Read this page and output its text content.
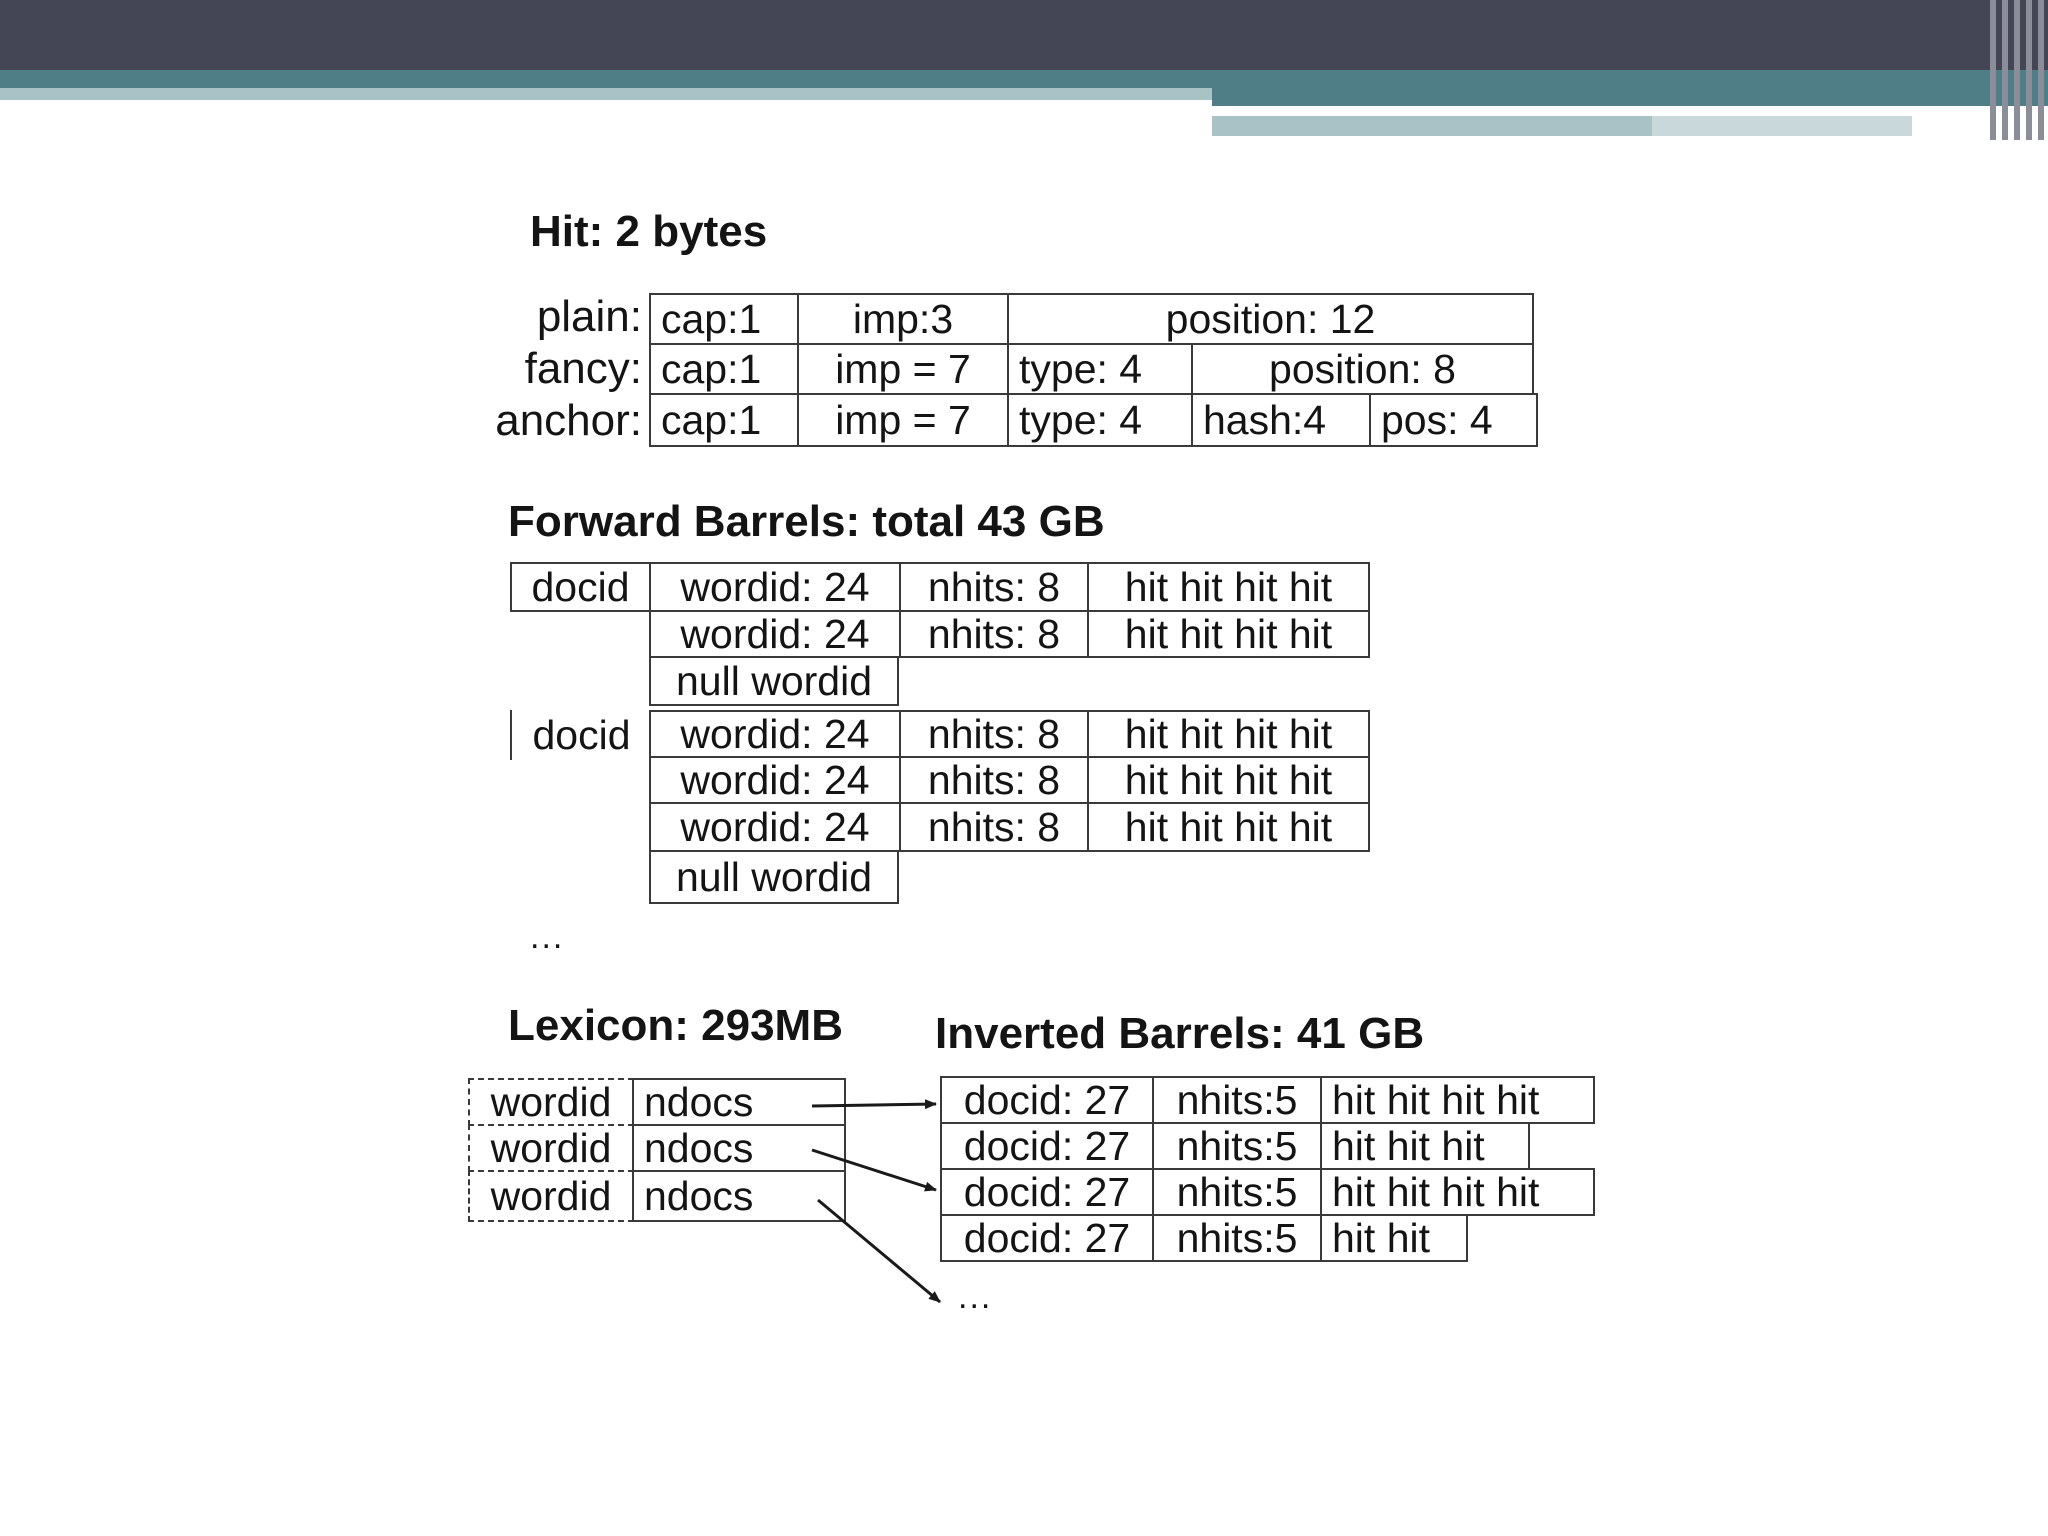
Hit: 2 bytes
plain: cap:1	imp:3	position: 12
fancy: cap:1	imp = 7	type: 4	position: 8
anchor: cap:1	imp = 7	type: 4	hash:4	pos: 4
Forward Barrels: total 43 GB
docid	wordid: 24	nhits: 8	hit hit hit hit
wordid: 24	nhits: 8	hit hit hit hit
null wordid
docid	wordid: 24	nhits: 8	hit hit hit hit
wordid: 24	nhits: 8	hit hit hit hit
wordid: 24	nhits: 8	hit hit hit hit
null wordid
...
Lexicon: 293MB
wordid ndocs
wordid ndocs
wordid ndocs
Inverted Barrels: 41 GB
docid: 27	nhits:5 hit hit hit hit
docid: 27	nhits:5 hit hit hit
docid: 27	nhits:5 hit hit hit hit
docid: 27	nhits:5 hit hit
...
